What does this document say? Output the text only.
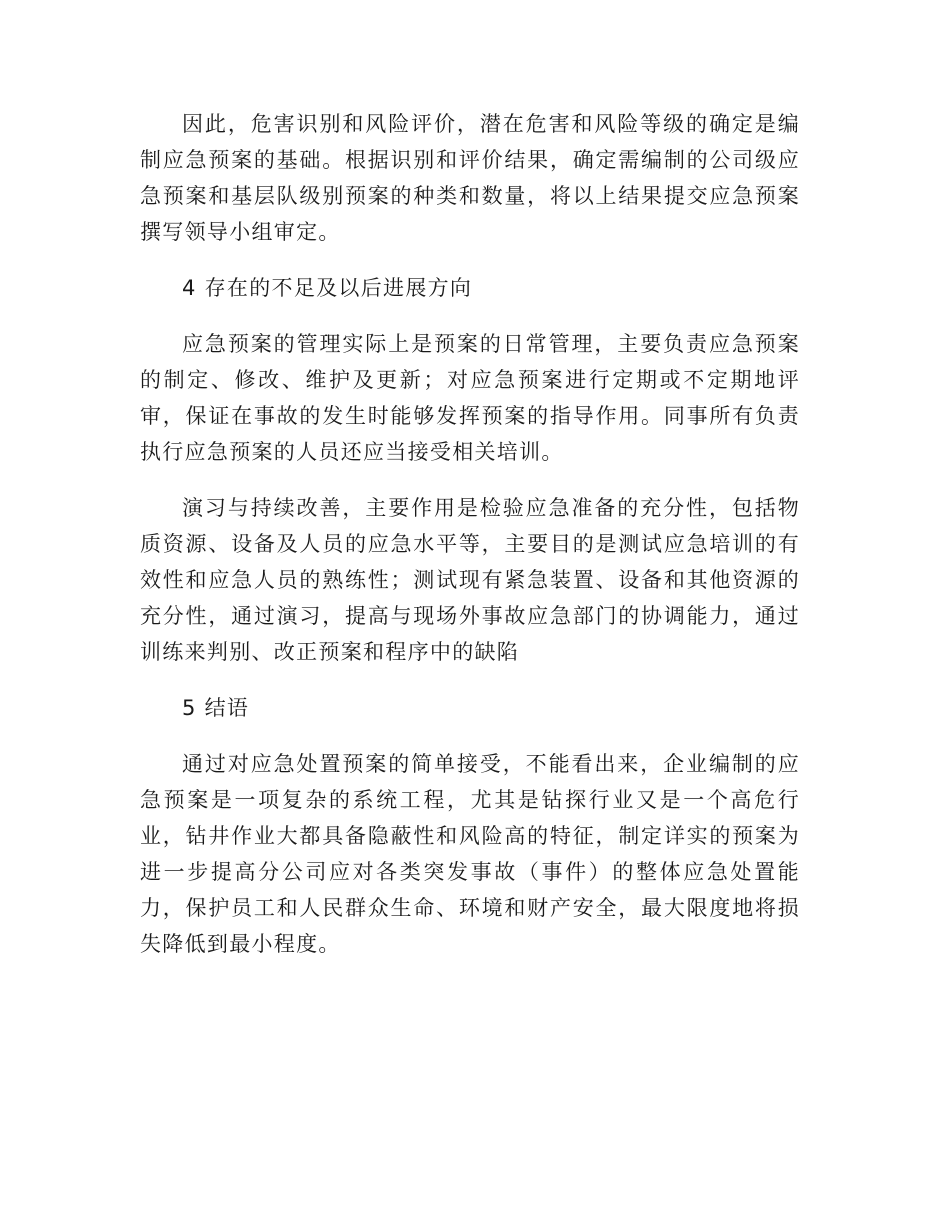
因此，危害识别和风险评价，潜在危害和风险等级的确定是编制应急预案的基础。根据识别和评价结果，确定需编制的公司级应急预案和基层队级别预案的种类和数量，将以上结果提交应急预案撰写领导小组审定。

4 存在的不足及以后进展方向

应急预案的管理实际上是预案的日常管理，主要负责应急预案的制定、修改、维护及更新；对应急预案进行定期或不定期地评审，保证在事故的发生时能够发挥预案的指导作用。同事所有负责执行应急预案的人员还应当接受相关培训。

演习与持续改善，主要作用是检验应急准备的充分性，包括物质资源、设备及人员的应急水平等，主要目的是测试应急培训的有效性和应急人员的熟练性；测试现有紧急装置、设备和其他资源的充分性，通过演习，提高与现场外事故应急部门的协调能力，通过训练来判别、改正预案和程序中的缺陷

5 结语

通过对应急处置预案的简单接受，不能看出来，企业编制的应急预案是一项复杂的系统工程，尤其是钻探行业又是一个高危行业，钻井作业大都具备隐蔽性和风险高的特征，制定详实的预案为进一步提高分公司应对各类突发事故（事件）的整体应急处置能力，保护员工和人民群众生命、环境和财产安全，最大限度地将损失降低到最小程度。
